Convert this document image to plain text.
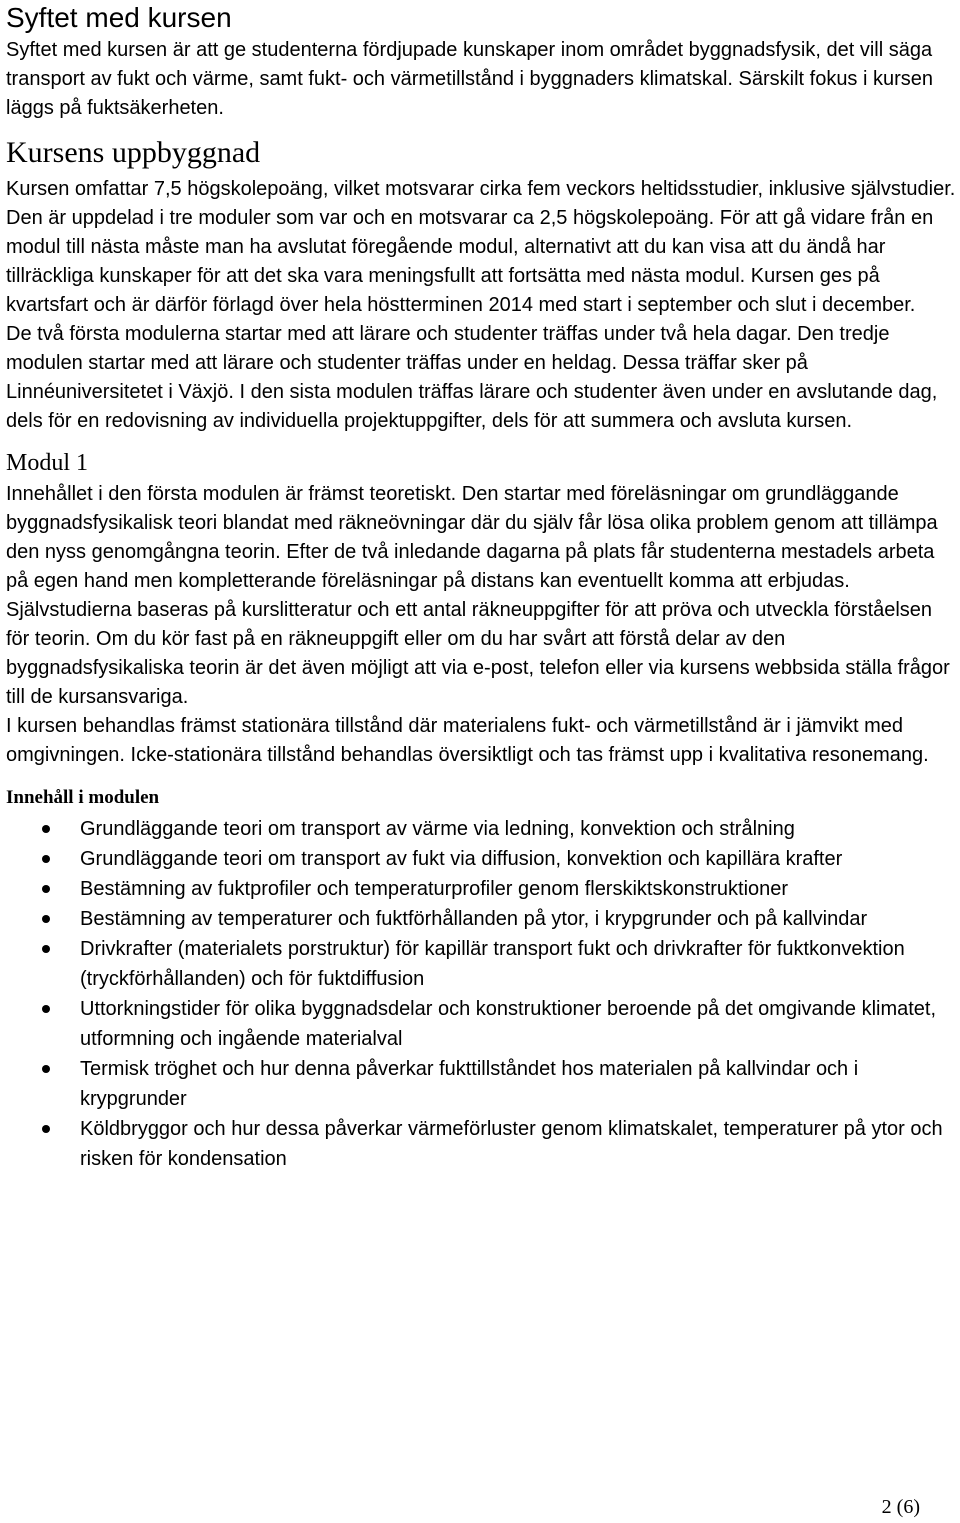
Syftet med kursen

Syftet med kursen är att ge studenterna fördjupade kunskaper inom området byggnadsfysik, det vill säga transport av fukt och värme, samt fukt- och värmetillstånd i byggnaders klimatskal. Särskilt fokus i kursen läggs på fuktsäkerheten.

Kursens uppbyggnad

Kursen omfattar 7,5 högskolepoäng, vilket motsvarar cirka fem veckors heltidsstudier, inklusive självstudier. Den är uppdelad i tre moduler som var och en motsvarar ca 2,5 högskolepoäng. För att gå vidare från en modul till nästa måste man ha avslutat föregående modul, alternativt att du kan visa att du ändå har tillräckliga kunskaper för att det ska vara meningsfullt att fortsätta med nästa modul. Kursen ges på kvartsfart och är därför förlagd över hela höstterminen 2014 med start i september och slut i december.

De två första modulerna startar med att lärare och studenter träffas under två hela dagar. Den tredje modulen startar med att lärare och studenter träffas under en heldag. Dessa träffar sker på Linnéuniversitetet i Växjö. I den sista modulen träffas lärare och studenter även under en avslutande dag, dels för en redovisning av individuella projektuppgifter, dels för att summera och avsluta kursen.

Modul 1

Innehållet i den första modulen är främst teoretiskt. Den startar med föreläsningar om grundläggande byggnadsfysikalisk teori blandat med räkneövningar där du själv får lösa olika problem genom att tillämpa den nyss genomgångna teorin. Efter de två inledande dagarna på plats får studenterna mestadels arbeta på egen hand men kompletterande föreläsningar på distans kan eventuellt komma att erbjudas. Självstudierna baseras på kurslitteratur och ett antal räkneuppgifter för att pröva och utveckla förståelsen för teorin. Om du kör fast på en räkneuppgift eller om du har svårt att förstå delar av den byggnadsfysikaliska teorin är det även möjligt att via e-post, telefon eller via kursens webbsida ställa frågor till de kursansvariga.

I kursen behandlas främst stationära tillstånd där materialens fukt- och värmetillstånd är i jämvikt med omgivningen. Icke-stationära tillstånd behandlas översiktligt och tas främst upp i kvalitativa resonemang.

Innehåll i modulen
Grundläggande teori om transport av värme via ledning, konvektion och strålning
Grundläggande teori om transport av fukt via diffusion, konvektion och kapillära krafter
Bestämning av fuktprofiler och temperaturprofiler genom flerskiktskonstruktioner
Bestämning av temperaturer och fuktförhållanden på ytor, i krypgrunder och på kallvindar
Drivkrafter (materialets porstruktur) för kapillär transport fukt och drivkrafter för fuktkonvektion (tryckförhållanden) och för fuktdiffusion
Uttorkningstider för olika byggnadsdelar och konstruktioner beroende på det omgivande klimatet, utformning och ingående materialval
Termisk tröghet och hur denna påverkar fukttillståndet hos materialen på kallvindar och i krypgrunder
Köldbryggor och hur dessa påverkar värmeförluster genom klimatskalet, temperaturer på ytor och risken för kondensation
2 (6)
